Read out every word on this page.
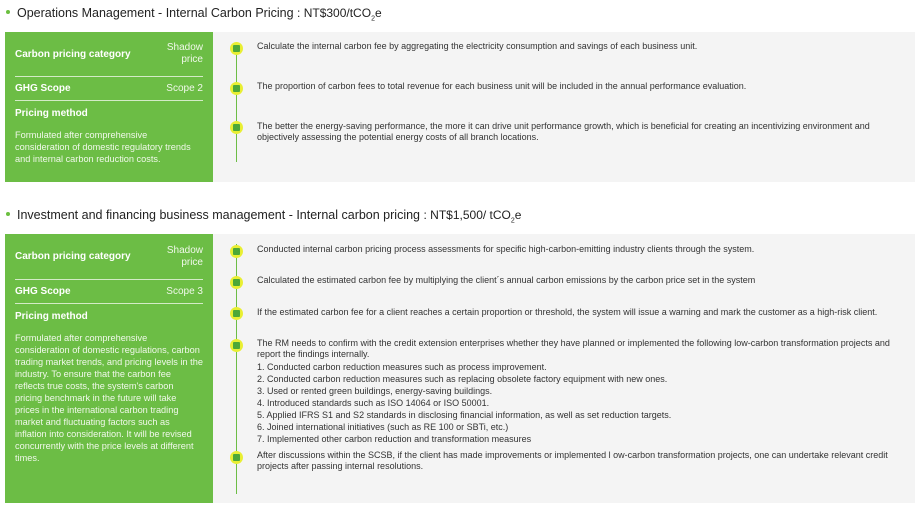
Operations Management - Internal Carbon Pricing : NT$300/tCO$_2$e
Carbon pricing category
Shadow
price
GHG Scope	Scope 2
Pricing method
Formulated after comprehensive consideration of domestic regulatory trends and internal carbon reduction costs.
Calculate the internal carbon fee by aggregating the electricity consumption and savings of each business unit.
The proportion of carbon fees to total revenue for each business unit will be included in the annual performance evaluation.
The better the energy-saving performance, the more it can drive unit performance growth, which is beneficial for creating an incentivizing environment and objectively assessing the potential energy costs of all branch locations.
Investment and financing business management - Internal carbon pricing : NT$1,500/ tCO$_2$e
Carbon pricing category
Shadow
price
GHG Scope	Scope 3
Pricing method
Formulated after comprehensive consideration of domestic regulations, carbon trading market trends, and pricing levels in the industry. To ensure that the carbon fee reflects true costs, the system's carbon pricing benchmark in the future will take prices in the international carbon trading market and fluctuating factors such as inflation into consideration. It will be revised concurrently with the price levels at different times.
Conducted internal carbon pricing process assessments for specific high-carbon-emitting industry clients through the system.
Calculated the estimated carbon fee by multiplying the client´s annual carbon emissions by the carbon price set in the system
If the estimated carbon fee for a client reaches a certain proportion or threshold, the system will issue a warning and mark the customer as a high-risk client.
The RM needs to confirm with the credit extension enterprises whether they have planned or implemented the following low-carbon transformation projects and report the findings internally.
1. Conducted carbon reduction measures such as process improvement.
2. Conducted carbon reduction measures such as replacing obsolete factory equipment with new ones.
3. Used or rented green buildings, energy-saving buildings.
4. Introduced standards such as ISO 14064 or ISO 50001.
5. Applied IFRS S1 and S2 standards in disclosing financial information, as well as set reduction targets.
6. Joined international initiatives (such as RE 100 or SBTi, etc.)
7. Implemented other carbon reduction and transformation measures
After discussions within the SCSB, if the client has made improvements or implemented l ow-carbon transformation projects, one can undertake relevant credit projects after passing internal resolutions.
